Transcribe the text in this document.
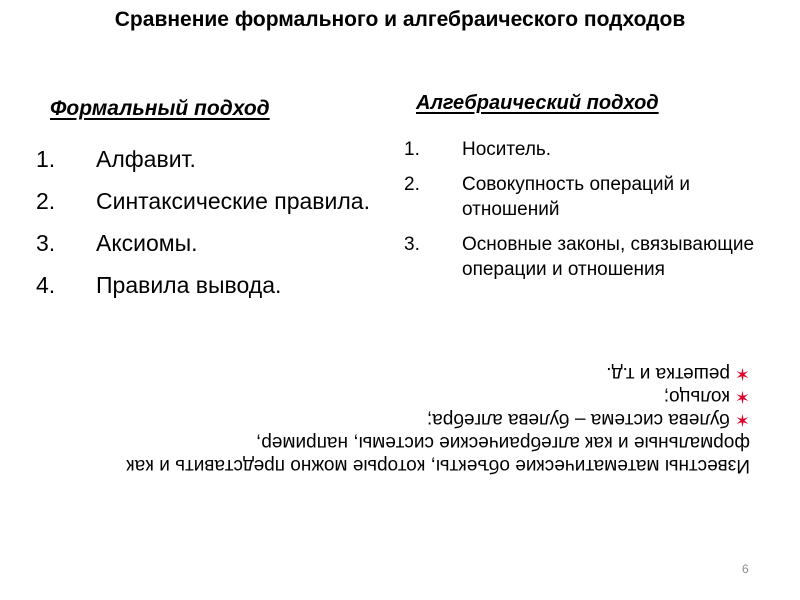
Сравнение формального и алгебраического подходов
Формальный подход
1. Алфавит.
2. Синтаксические правила.
3. Аксиомы.
4. Правила вывода.
Алгебраический подход
1. Носитель.
2. Совокупность операций и отношений
3. Основные законы, связывающие операции и отношения

Известны математические объекты, которые можно представить и как формальные и как алгебраические системы, например,

✶
булева система – булева алгебра;
✶
кольцо;
✶
решетка и т.д.
6
